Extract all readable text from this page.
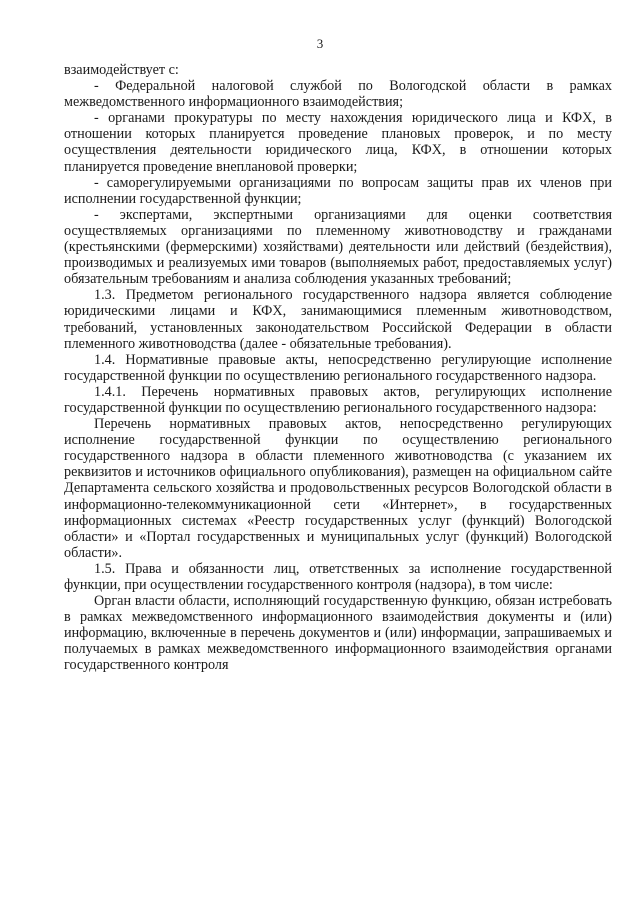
3

взаимодействует с:

- Федеральной налоговой службой по Вологодской области в рамках межведомственного информационного взаимодействия;

- органами прокуратуры по месту нахождения юридического лица и КФХ, в отношении которых планируется проведение плановых проверок, и по месту осуществления деятельности юридического лица, КФХ, в отношении которых планируется проведение внеплановой проверки;

- саморегулируемыми организациями по вопросам защиты прав их членов при исполнении государственной функции;

- экспертами, экспертными организациями для оценки соответствия осуществляемых организациями по племенному животноводству и гражданами (крестьянскими (фермерскими) хозяйствами) деятельности или действий (бездействия), производимых и реализуемых ими товаров (выполняемых работ, предоставляемых услуг) обязательным требованиям и анализа соблюдения указанных требований;

1.3. Предметом регионального государственного надзора является соблюдение юридическими лицами и КФХ, занимающимися племенным животноводством, требований, установленных законодательством Российской Федерации в области племенного животноводства (далее - обязательные требования).

1.4. Нормативные правовые акты, непосредственно регулирующие исполнение государственной функции по осуществлению регионального государственного надзора.

1.4.1. Перечень нормативных правовых актов, регулирующих исполнение государственной функции по осуществлению регионального государственного надзора:

Перечень нормативных правовых актов, непосредственно регулирующих исполнение государственной функции по осуществлению регионального государственного надзора в области племенного животноводства (с указанием их реквизитов и источников официального опубликования), размещен на официальном сайте Департамента сельского хозяйства и продовольственных ресурсов Вологодской области в информационно-телекоммуникационной сети «Интернет», в государственных информационных системах «Реестр государственных услуг (функций) Вологодской области» и «Портал государственных и муниципальных услуг (функций) Вологодской области».

1.5. Права и обязанности лиц, ответственных за исполнение государственной функции, при осуществлении государственного контроля (надзора), в том числе:

Орган власти области, исполняющий государственную функцию, обязан истребовать в рамках межведомственного информационного взаимодействия документы и (или) информацию, включенные в перечень документов и (или) информации, запрашиваемых и получаемых в рамках межведомственного информационного взаимодействия органами государственного контроля
